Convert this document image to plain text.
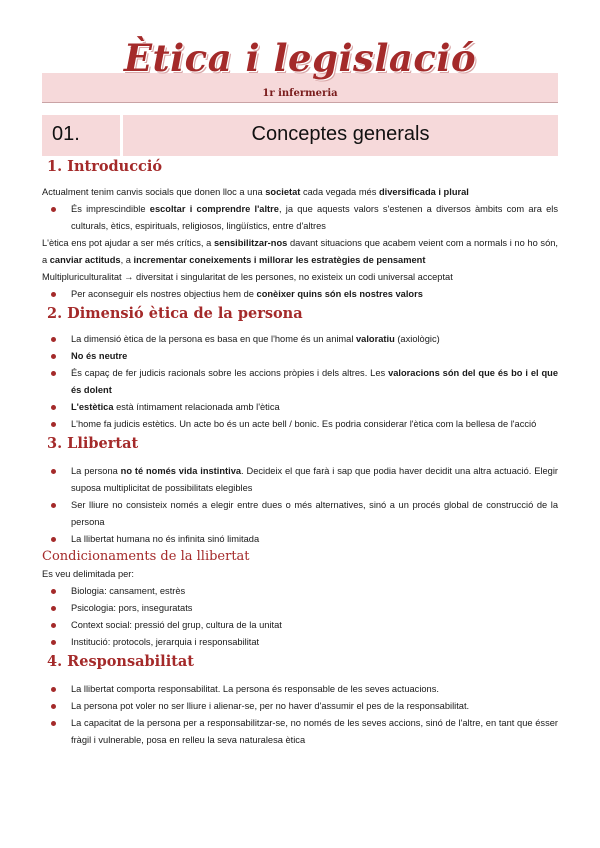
Ètica i legislació
1r infermeria
01.	Conceptes generals
1. Introducció

Actualment tenim canvis socials que donen lloc a una societat cada vegada més diversificada i plural

És imprescindible escoltar i comprendre l'altre, ja que aquests valors s'estenen a diversos àmbits com ara els culturals, ètics, espirituals, religiosos, lingüístics, entre d'altres

L'ètica ens pot ajudar a ser més crítics, a sensibilitzar-nos davant situacions que acabem veient com a normals i no ho són, a canviar actituds, a incrementar coneixements i millorar les estratègies de pensament

Multipluriculturalitat → diversitat i singularitat de les persones, no existeix un codi universal acceptat

Per aconseguir els nostres objectius hem de conèixer quins són els nostres valors
2. Dimensió ètica de la persona
La dimensió ètica de la persona es basa en que l'home és un animal valoratiu (axiològic)
No és neutre
És capaç de fer judicis racionals sobre les accions pròpies i dels altres. Les valoracions són del que és bo i el que és dolent
L'estètica està íntimament relacionada amb l'ètica
L'home fa judicis estètics. Un acte bo és un acte bell / bonic. Es podria considerar l'ètica com la bellesa de l'acció
3. Llibertat
La persona no té només vida instintiva. Decideix el que farà i sap que podia haver decidit una altra actuació. Elegir suposa multiplicitat de possibilitats elegibles
Ser lliure no consisteix només a elegir entre dues o més alternatives, sinó a un procés global de construcció de la persona
La llibertat humana no és infinita sinó limitada
Condicionaments de la llibertat

Es veu delimitada per:

Biologia: cansament, estrès
Psicologia: pors, inseguratats
Context social: pressió del grup, cultura de la unitat
Institució: protocols, jerarquia i responsabilitat
4. Responsabilitat
La llibertat comporta responsabilitat. La persona és responsable de les seves actuacions.
La persona pot voler no ser lliure i alienar-se, per no haver d'assumir el pes de la responsabilitat.
La capacitat de la persona per a responsabilitzar-se, no només de les seves accions, sinó de l'altre, en tant que ésser fràgil i vulnerable, posa en relleu la seva naturalesa ètica
